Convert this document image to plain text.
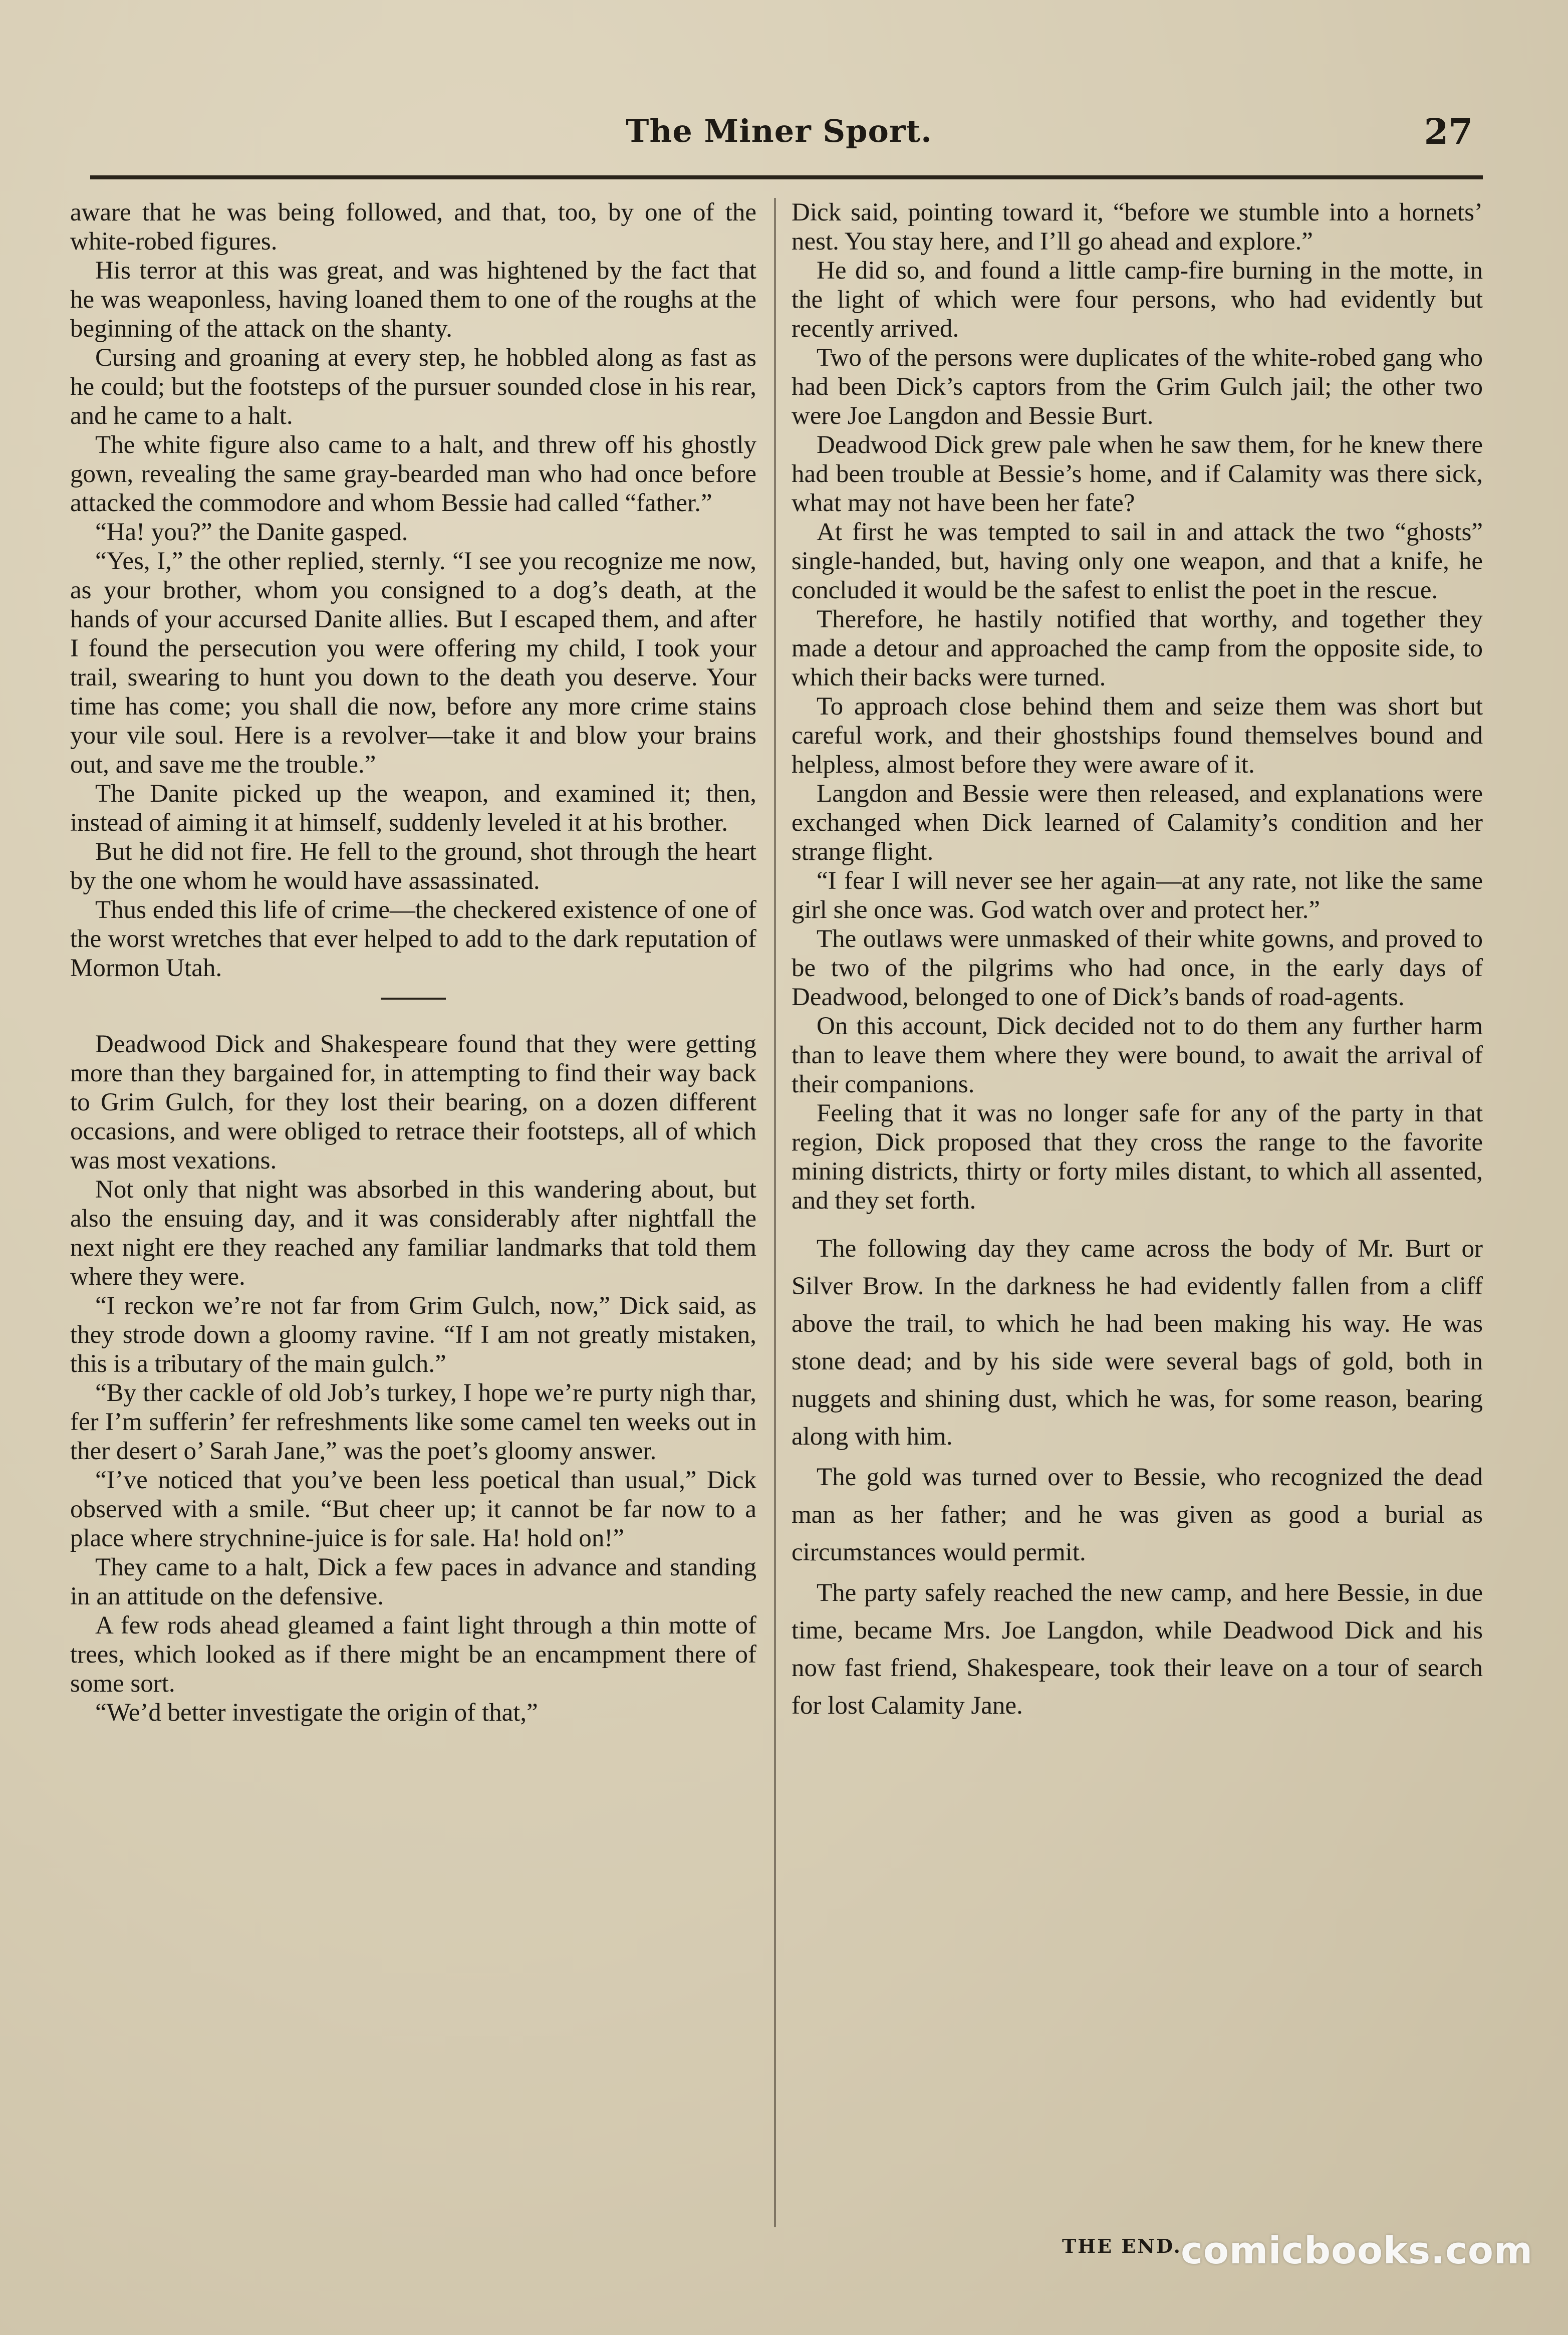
The Miner Sport.	27

aware that he was being followed, and that, too, by one of the white-robed figures.

His terror at this was great, and was hightened by the fact that he was weaponless, having loaned them to one of the roughs at the beginning of the attack on the shanty.

Cursing and groaning at every step, he hobbled along as fast as he could; but the footsteps of the pursuer sounded close in his rear, and he came to a halt.

The white figure also came to a halt, and threw off his ghostly gown, revealing the same gray-bearded man who had once before attacked the commodore and whom Bessie had called “father.”

“Ha! you?” the Danite gasped.

“Yes, I,” the other replied, sternly. “I see you recognize me now, as your brother, whom you consigned to a dog’s death, at the hands of your accursed Danite allies. But I escaped them, and after I found the persecution you were offering my child, I took your trail, swearing to hunt you down to the death you deserve. Your time has come; you shall die now, before any more crime stains your vile soul. Here is a revolver—take it and blow your brains out, and save me the trouble.”

The Danite picked up the weapon, and examined it; then, instead of aiming it at himself, suddenly leveled it at his brother.

But he did not fire. He fell to the ground, shot through the heart by the one whom he would have assassinated.

Thus ended this life of crime—the checkered existence of one of the worst wretches that ever helped to add to the dark reputation of Mormon Utah.

Deadwood Dick and Shakespeare found that they were getting more than they bargained for, in attempting to find their way back to Grim Gulch, for they lost their bearing, on a dozen different occasions, and were obliged to retrace their footsteps, all of which was most vexations.

Not only that night was absorbed in this wandering about, but also the ensuing day, and it was considerably after nightfall the next night ere they reached any familiar landmarks that told them where they were.

“I reckon we’re not far from Grim Gulch, now,” Dick said, as they strode down a gloomy ravine. “If I am not greatly mistaken, this is a tributary of the main gulch.”

“By ther cackle of old Job’s turkey, I hope we’re purty nigh thar, fer I’m sufferin’ fer refreshments like some camel ten weeks out in ther desert o’ Sarah Jane,” was the poet’s gloomy answer.

“I’ve noticed that you’ve been less poetical than usual,” Dick observed with a smile. “But cheer up; it cannot be far now to a place where strychnine-juice is for sale. Ha! hold on!”

They came to a halt, Dick a few paces in advance and standing in an attitude on the defensive.

A few rods ahead gleamed a faint light through a thin motte of trees, which looked as if there might be an encampment there of some sort.

“We’d better investigate the origin of that,”

Dick said, pointing toward it, “before we stumble into a hornets’ nest. You stay here, and I’ll go ahead and explore.”

He did so, and found a little camp-fire burning in the motte, in the light of which were four persons, who had evidently but recently arrived.

Two of the persons were duplicates of the white-robed gang who had been Dick’s captors from the Grim Gulch jail; the other two were Joe Langdon and Bessie Burt.

Deadwood Dick grew pale when he saw them, for he knew there had been trouble at Bessie’s home, and if Calamity was there sick, what may not have been her fate?

At first he was tempted to sail in and attack the two “ghosts” single-handed, but, having only one weapon, and that a knife, he concluded it would be the safest to enlist the poet in the rescue.

Therefore, he hastily notified that worthy, and together they made a detour and approached the camp from the opposite side, to which their backs were turned.

To approach close behind them and seize them was short but careful work, and their ghostships found themselves bound and helpless, almost before they were aware of it.

Langdon and Bessie were then released, and explanations were exchanged when Dick learned of Calamity’s condition and her strange flight.

“I fear I will never see her again—at any rate, not like the same girl she once was. God watch over and protect her.”

The outlaws were unmasked of their white gowns, and proved to be two of the pilgrims who had once, in the early days of Deadwood, belonged to one of Dick’s bands of road-agents.

On this account, Dick decided not to do them any further harm than to leave them where they were bound, to await the arrival of their companions.

Feeling that it was no longer safe for any of the party in that region, Dick proposed that they cross the range to the favorite mining districts, thirty or forty miles distant, to which all assented, and they set forth.

The following day they came across the body of Mr. Burt or Silver Brow. In the darkness he had evidently fallen from a cliff above the trail, to which he had been making his way. He was stone dead; and by his side were several bags of gold, both in nuggets and shining dust, which he was, for some reason, bearing along with him.

The gold was turned over to Bessie, who recognized the dead man as her father; and he was given as good a burial as circumstances would permit.

The party safely reached the new camp, and here Bessie, in due time, became Mrs. Joe Langdon, while Deadwood Dick and his now fast friend, Shakespeare, took their leave on a tour of search for lost Calamity Jane.

THE END.
comicbooks.com
